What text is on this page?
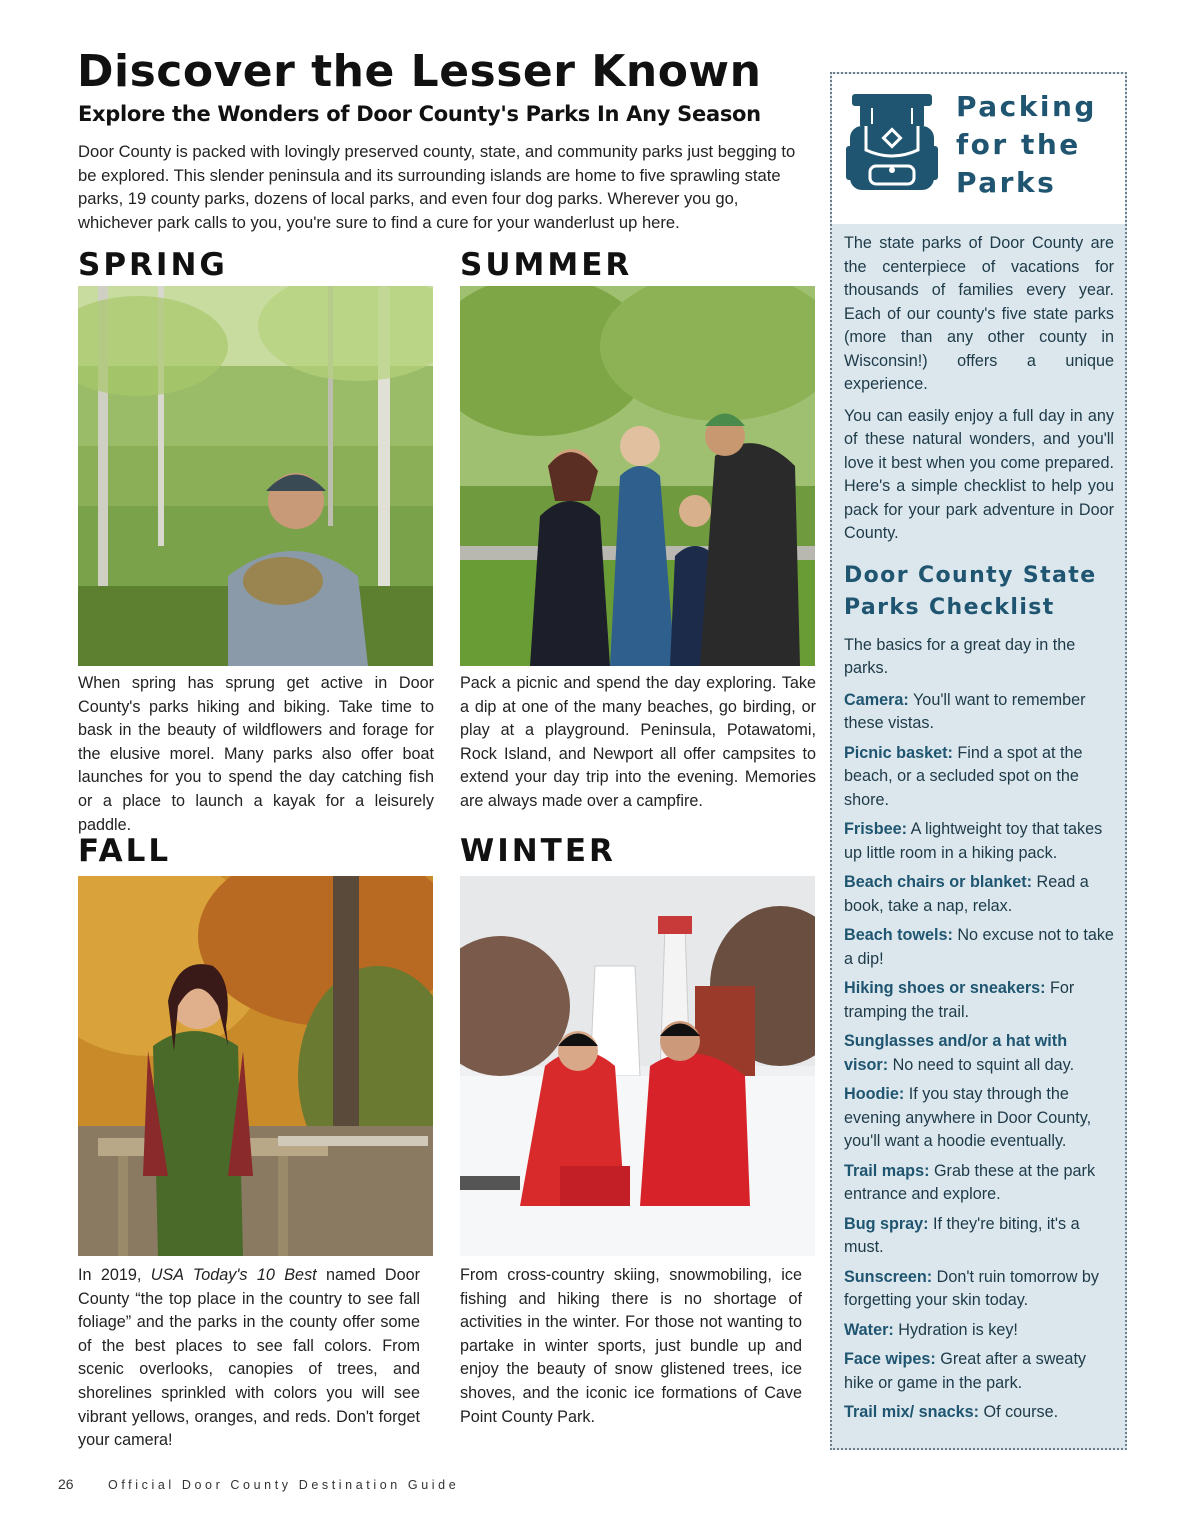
Discover the Lesser Known
Explore the Wonders of Door County's Parks In Any Season

Door County is packed with lovingly preserved county, state, and community parks just begging to be explored. This slender peninsula and its surrounding islands are home to five sprawling state parks, 19 county parks, dozens of local parks, and even four dog parks. Wherever you go, whichever park calls to you, you're sure to find a cure for your wanderlust up here.

SPRING

When spring has sprung get active in Door County's parks hiking and biking. Take time to bask in the beauty of wildflowers and forage for the elusive morel. Many parks also offer boat launches for you to spend the day catching fish or a place to launch a kayak for a leisurely paddle.

SUMMER

Pack a picnic and spend the day exploring. Take a dip at one of the many beaches, go birding, or play at a playground. Peninsula, Potawatomi, Rock Island, and Newport all offer campsites to extend your day trip into the evening. Memories are always made over a campfire.

FALL

In 2019, USA Today's 10 Best named Door County “the top place in the country to see fall foliage” and the parks in the county offer some of the best places to see fall colors. From scenic overlooks, canopies of trees, and shorelines sprinkled with colors you will see vibrant yellows, oranges, and reds. Don't forget your camera!

WINTER

From cross-country skiing, snowmobiling, ice fishing and hiking there is no shortage of activities in the winter. For those not wanting to partake in winter sports, just bundle up and enjoy the beauty of snow glistened trees, ice shoves, and the iconic ice formations of Cave Point County Park.

Packing
for the
Parks

The state parks of Door County are the centerpiece of vacations for thousands of families every year. Each of our county's five state parks (more than any other county in Wisconsin!) offers a unique experience.

You can easily enjoy a full day in any of these natural wonders, and you'll love it best when you come prepared. Here's a simple checklist to help you pack for your park adventure in Door County.

Door County State Parks Checklist

The basics for a great day in the parks.

Camera: You'll want to remember these vistas.
Picnic basket: Find a spot at the beach, or a secluded spot on the shore.
Frisbee: A lightweight toy that takes up little room in a hiking pack.
Beach chairs or blanket: Read a book, take a nap, relax.
Beach towels: No excuse not to take a dip!
Hiking shoes or sneakers: For tramping the trail.
Sunglasses and/or a hat with visor: No need to squint all day.
Hoodie: If you stay through the evening anywhere in Door County, you'll want a hoodie eventually.
Trail maps: Grab these at the park entrance and explore.
Bug spray: If they're biting, it's a must.
Sunscreen: Don't ruin tomorrow by forgetting your skin today.
Water: Hydration is key!
Face wipes: Great after a sweaty hike or game in the park.
Trail mix/ snacks: Of course.
26	Official Door County Destination Guide
